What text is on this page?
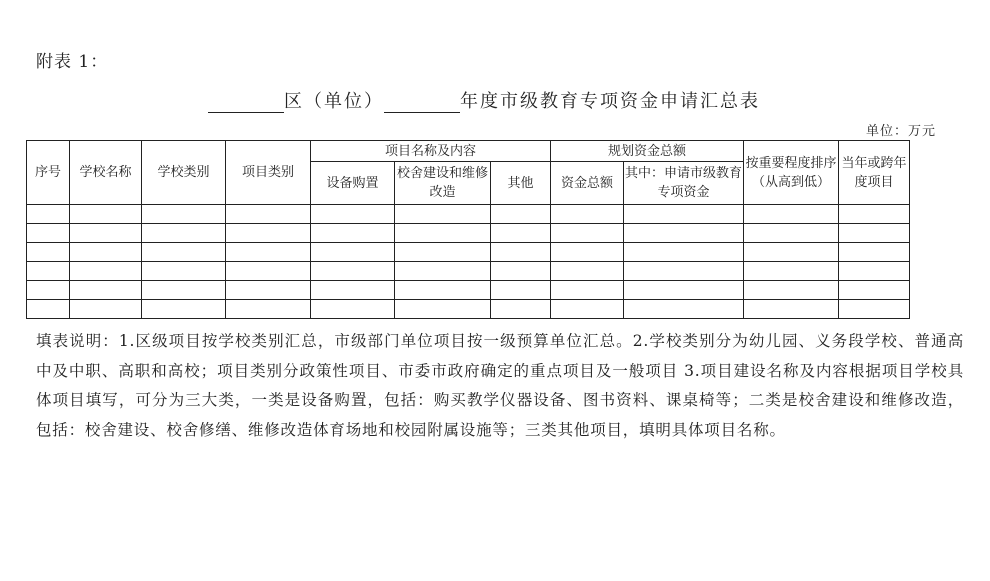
附表 1：
区（单位）	年度市级教育专项资金申请汇总表
单位：万元
序号	学校名称	学校类别	项目类别	项目名称及内容			规划资金总额		按重要程度排序（从高到低）	当年或跨年度项目
				设备购置	校舍建设和维修改造	其他	资金总额	其中：申请市级教育专项资金		

填表说明：1.区级项目按学校类别汇总，市级部门单位项目按一级预算单位汇总。2.学校类别分为幼儿园、义务段学校、普通高中及中职、高职和高校；项目类别分政策性项目、市委市政府确定的重点项目及一般项目 3.项目建设名称及内容根据项目学校具体项目填写，可分为三大类，一类是设备购置，包括：购买教学仪器设备、图书资料、课桌椅等；二类是校舍建设和维修改造，包括：校舍建设、校舍修缮、维修改造体育场地和校园附属设施等；三类其他项目，填明具体项目名称。
